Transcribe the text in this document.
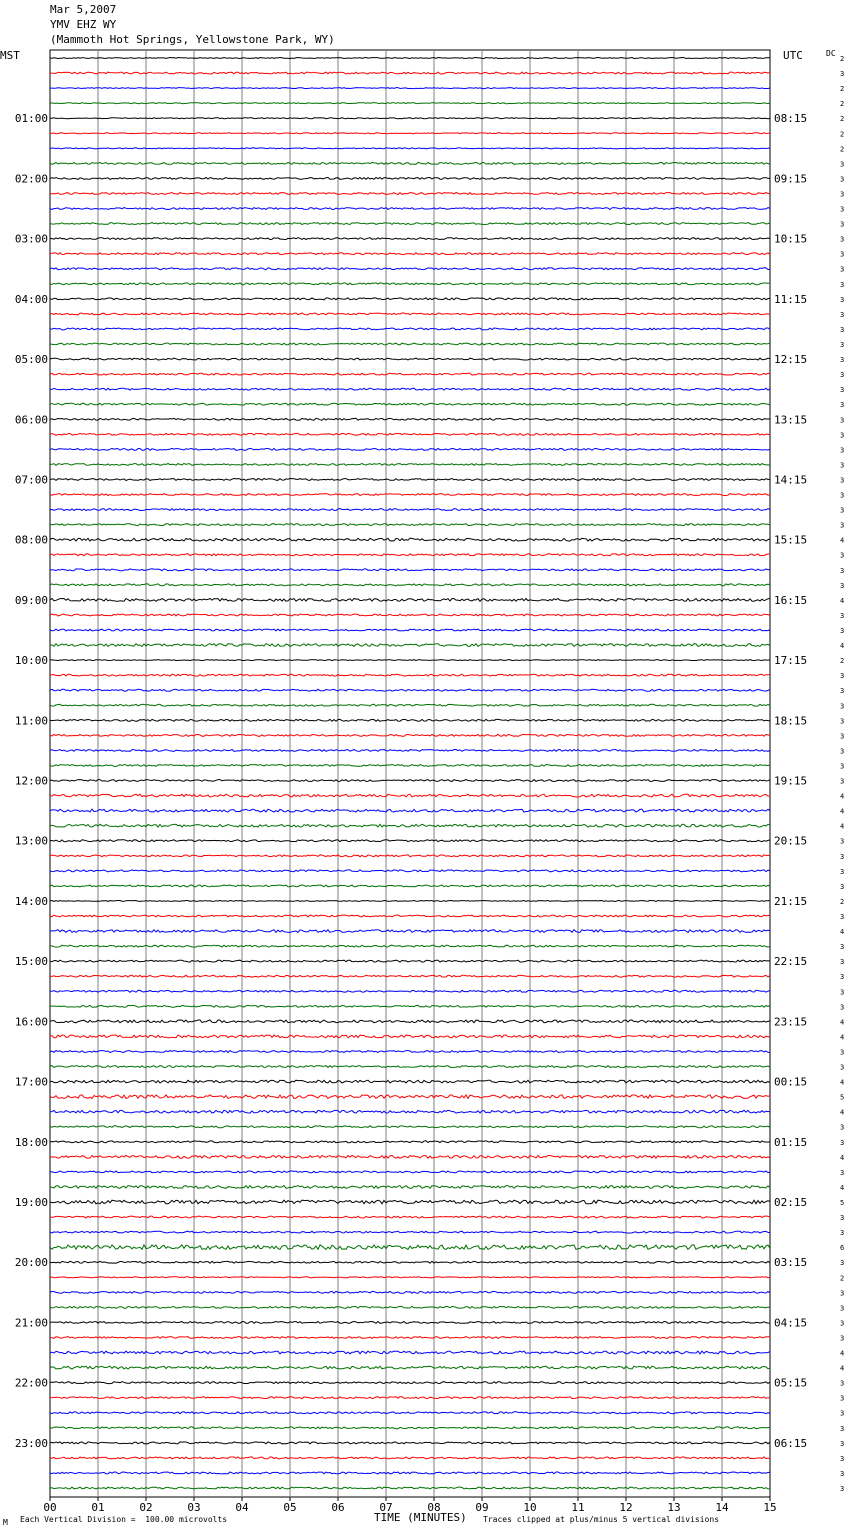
Mar 5,2007
YMV EHZ WY
(Mammoth Hot Springs, Yellowstone Park, WY)
MST	UTC	DC
01:00	08:15
02:00	09:15
03:00	10:15
04:00	11:15
05:00	12:15
06:00	13:15
07:00	14:15
08:00	15:15
09:00	16:15
10:00	17:15
11:00	18:15
12:00	19:15
13:00	20:15
14:00	21:15
15:00	22:15
16:00	23:15
17:00	00:15
18:00	01:15
19:00	02:15
20:00	03:15
21:00	04:15
22:00	05:15
23:00	06:15
2
3
2
2
2
2
2
3
3
3
3
3
3
3
3
3
3
3
3
3
3
3
3
3
3
3
3
3
3
3
3
3
4
3
3
3
4
3
3
4
2
3
3
3
3
3
3
3
3
4
4
4
3
3
3
3
2
3
4
3
3
3
3
3
4
4
3
3
4
5
4
3
3
4
3
4
5
3
3
6
3
2
3
3
3
3
4
4
3
3
3
3
3
3
3
3
00	01	02	03	04	05	06	07	08	09	10	11	12	13	14	15
M Each Vertical Division =  100.00 microvolts	TIME (MINUTES) Traces clipped at plus/minus 5 vertical divisions
